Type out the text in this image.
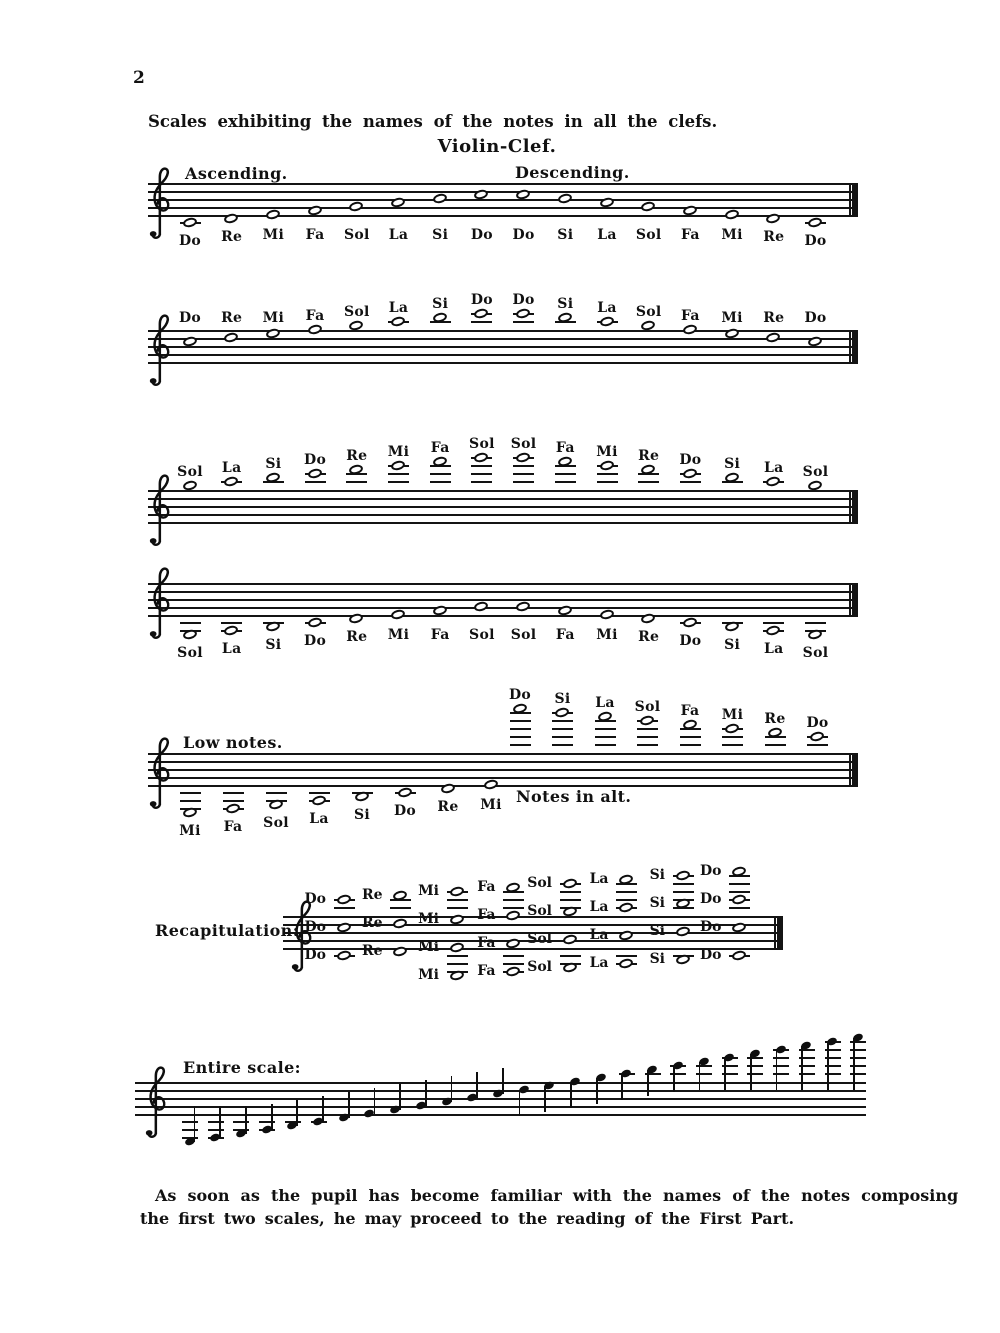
2
Scales exhibiting the names of the notes in all the clefs.
Violin-Clef.
Ascending.	Descending.
Do	Re	Mi	Fa	Sol	La	Si	Do Do	Si	La	Sol	Fa	Mi	Re	Do
Do	Re	Mi	Fa	Sol	La	Si	Do Do	Si	La	Sol	Fa	Mi	Re	Do
Sol	La	Si	Do	Re	Mi	Fa	Sol Sol	Fa	Mi	Re	Do	Si	La	Sol
Sol	La	Si	Do	Re	Mi	Fa	Sol Sol	Fa	Mi	Re	Do	Si	La	Sol
Low notes.
Notes in alt.
Mi	Fa	Sol	La	Si	Do	Re	Mi
Do	Si	La	Sol	Fa	Mi	Re	Do
Recapitulation:
Do
Do
Do
Re
Re
Re
Mi
Mi
Mi
Mi
Fa
Fa
Fa
Fa
Sol
Sol
Sol
Sol
La
La
La
La
Si
Si
Si
Si
Do
Do
Do
Do
Entire scale:
As soon as the pupil has become familiar with the names of the notes composing
the first two scales, he may proceed to the reading of the First Part.
